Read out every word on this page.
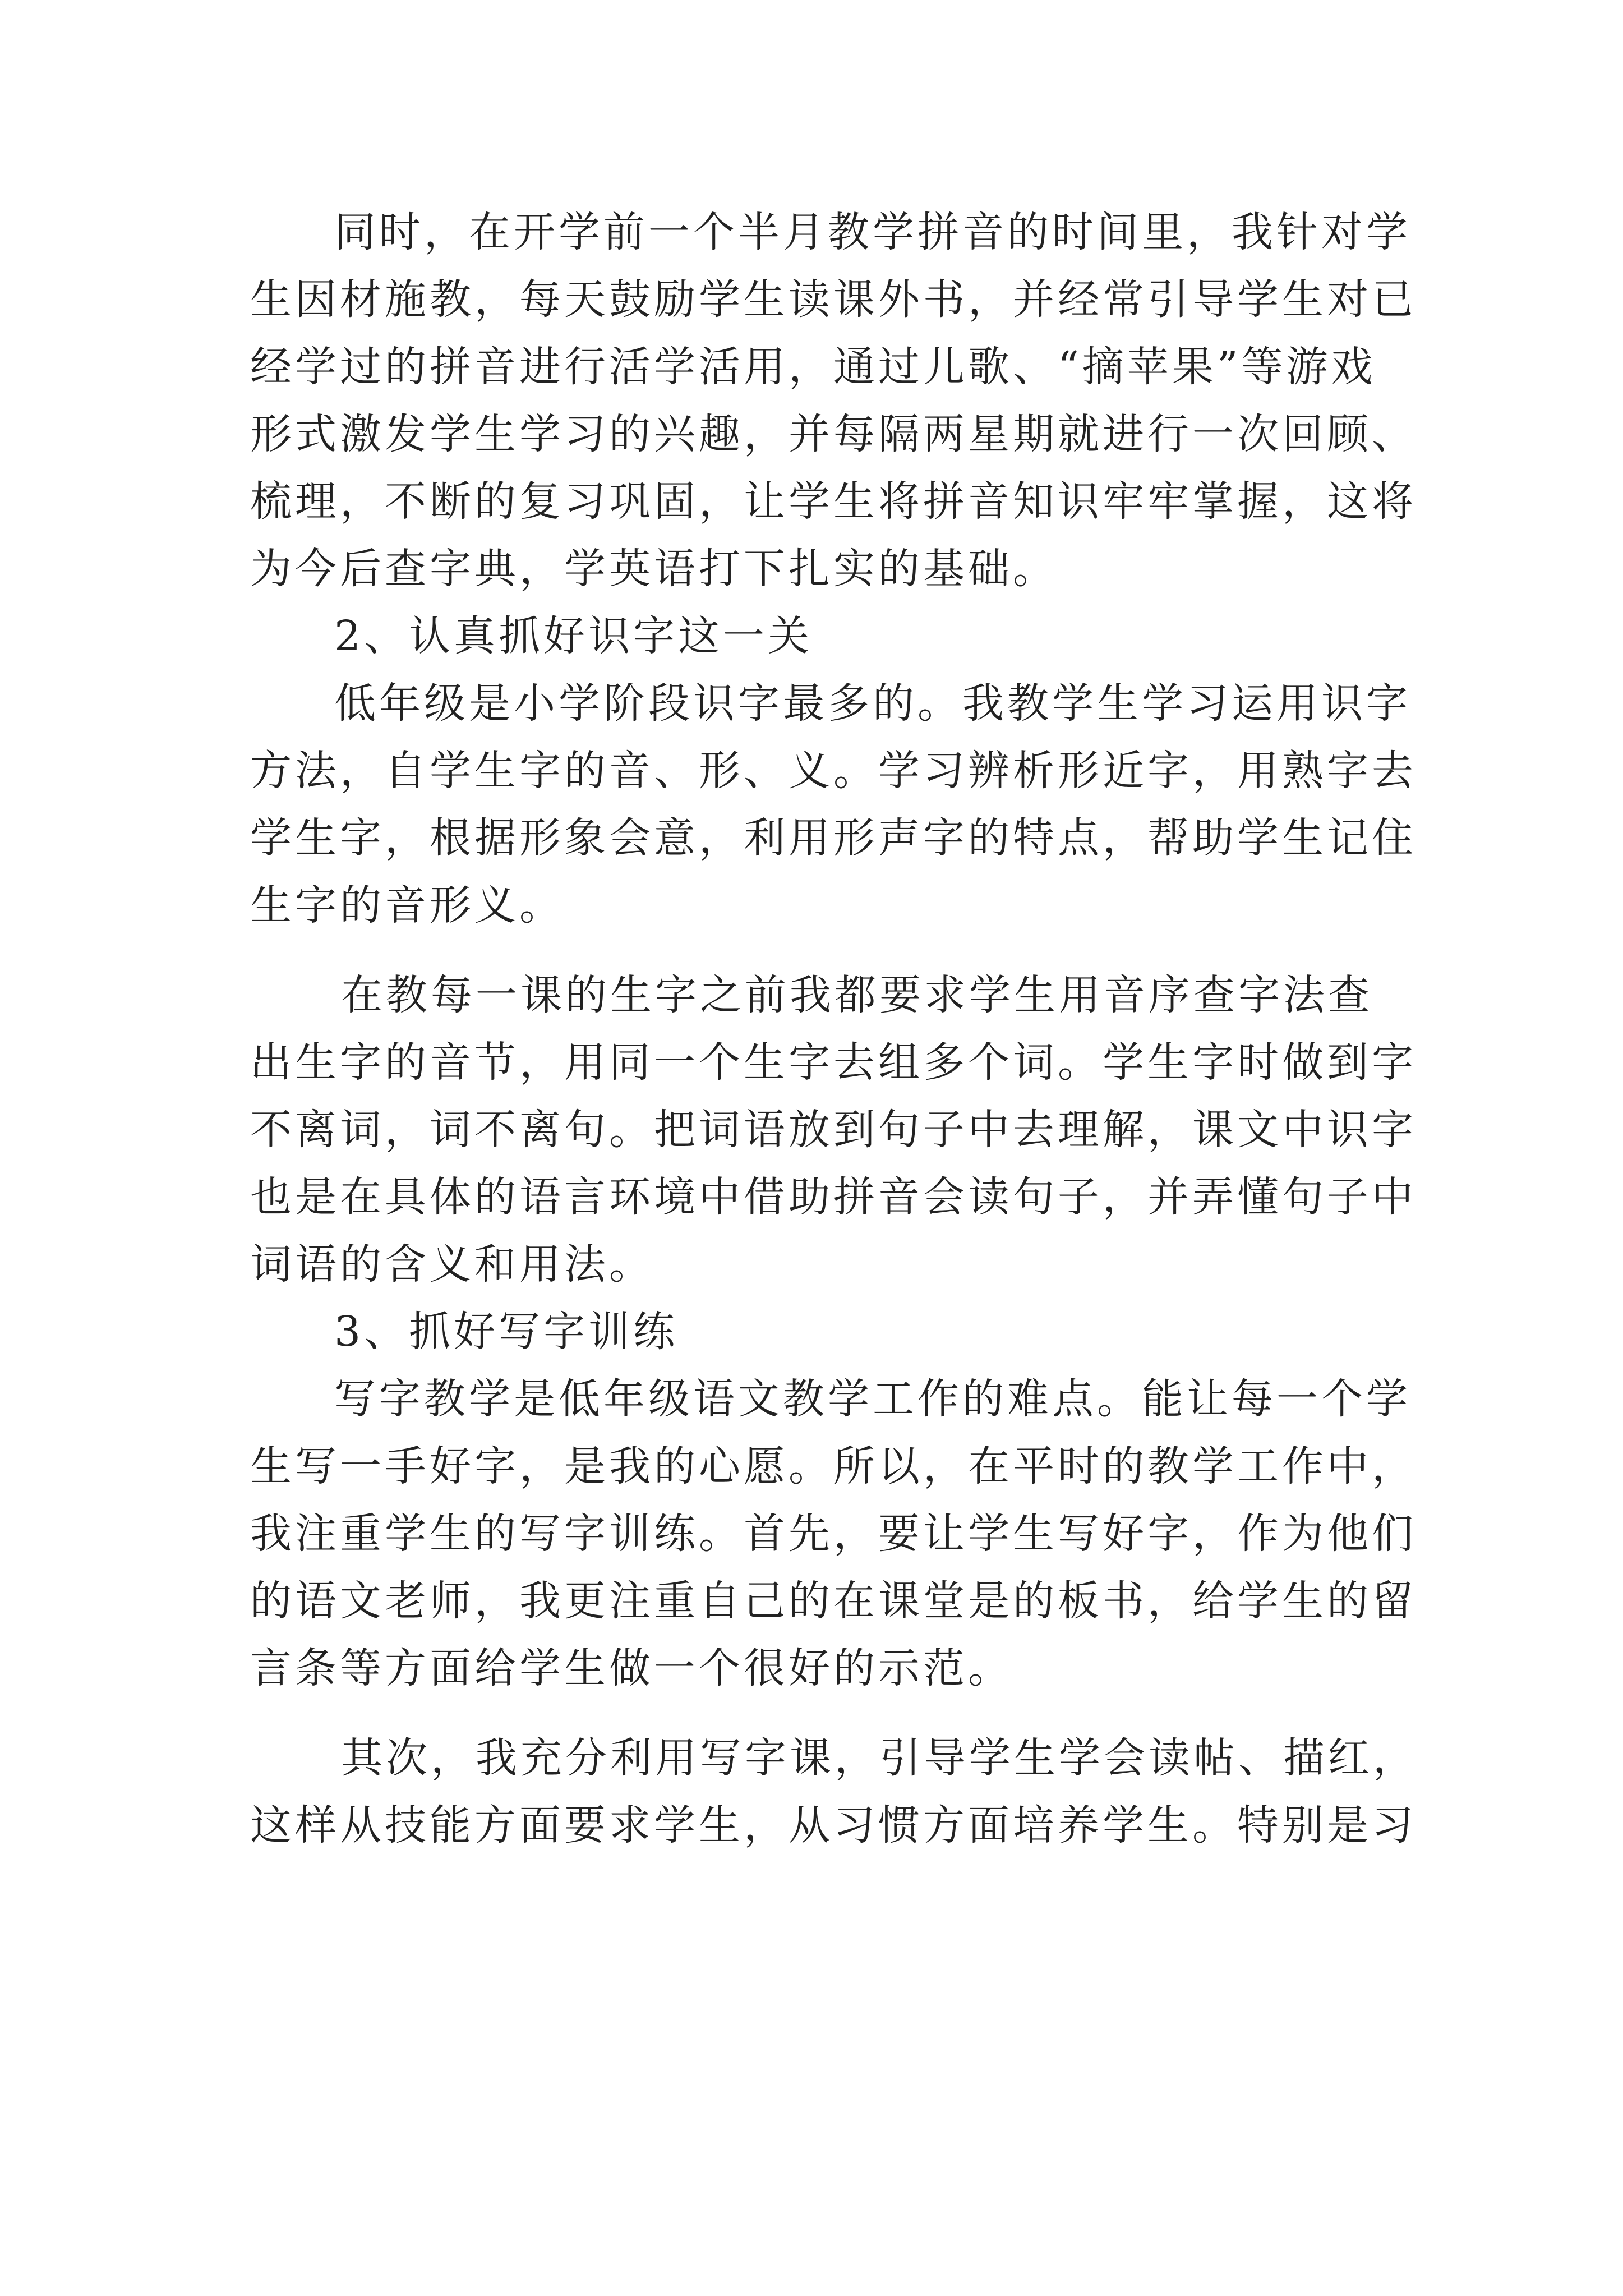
同时，在开学前一个半月教学拼音的时间里，我针对学
生因材施教，每天鼓励学生读课外书，并经常引导学生对已
经学过的拼音进行活学活用，通过儿歌、“摘苹果”等游戏
形式激发学生学习的兴趣，并每隔两星期就进行一次回顾、
梳理，不断的复习巩固，让学生将拼音知识牢牢掌握，这将
为今后查字典，学英语打下扎实的基础。
2、认真抓好识字这一关
低年级是小学阶段识字最多的。我教学生学习运用识字
方法，自学生字的音、形、义。学习辨析形近字，用熟字去
学生字，根据形象会意，利用形声字的特点，帮助学生记住
生字的音形义。
在教每一课的生字之前我都要求学生用音序查字法查
出生字的音节，用同一个生字去组多个词。学生字时做到字
不离词，词不离句。把词语放到句子中去理解，课文中识字
也是在具体的语言环境中借助拼音会读句子，并弄懂句子中
词语的含义和用法。
3、抓好写字训练
写字教学是低年级语文教学工作的难点。能让每一个学
生写一手好字，是我的心愿。所以，在平时的教学工作中，
我注重学生的写字训练。首先，要让学生写好字，作为他们
的语文老师，我更注重自己的在课堂是的板书，给学生的留
言条等方面给学生做一个很好的示范。
其次，我充分利用写字课，引导学生学会读帖、描红，
这样从技能方面要求学生，从习惯方面培养学生。特别是习
